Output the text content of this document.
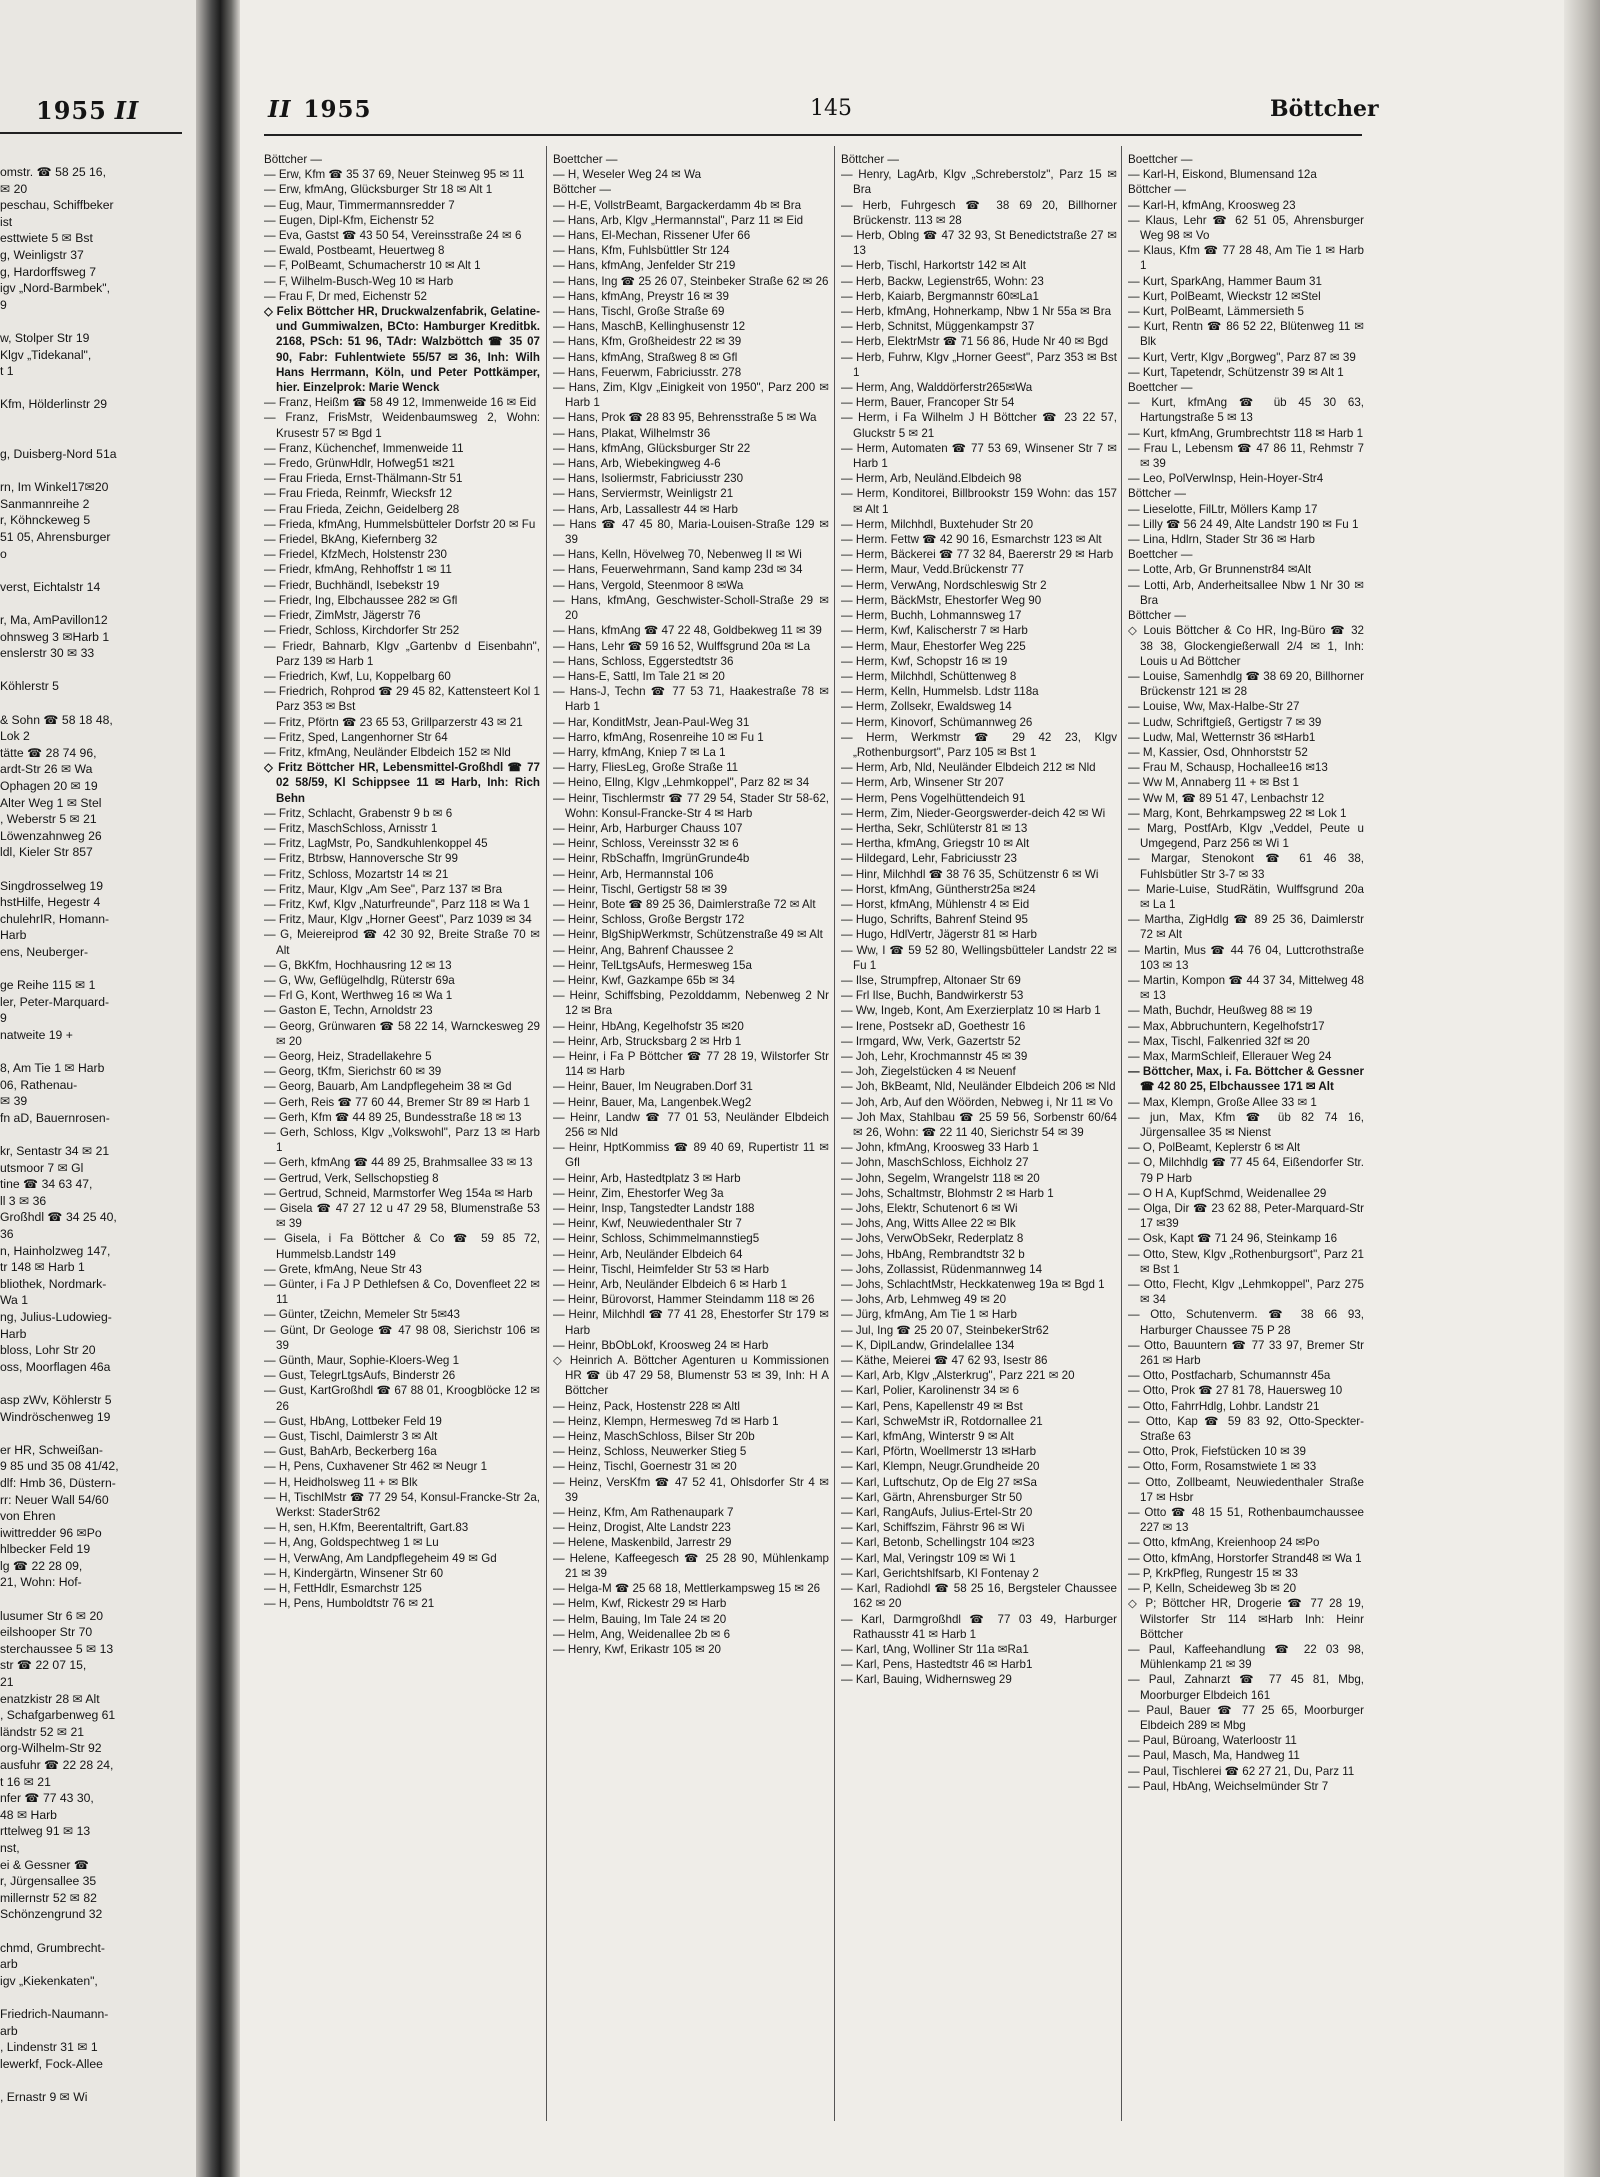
1955 II
omstr. ☎ 58 25 16,
✉ 20
peschau, Schiffbeker
ist
esttwiete 5 ✉ Bst
g, Weinligstr 37
g, Hardorffsweg 7
igv „Nord-Barmbek",
9
w, Stolper Str 19
Klgv „Tidekanal",
t 1
Kfm, Hölderlinstr 29
g, Duisberg-Nord 51a
rn, Im Winkel17✉20
Sanmannreihe 2
r, Köhnckeweg 5
51 05, Ahrensburger
o
verst, Eichtalstr 14
r, Ma, AmPavillon12
ohnsweg 3 ✉Harb 1
enslerstr 30 ✉ 33
Köhlerstr 5
& Sohn ☎ 58 18 48,
Lok 2
tätte ☎ 28 74 96,
ardt-Str 26 ✉ Wa
Ophagen 20 ✉ 19
Alter Weg 1 ✉ Stel
, Weberstr 5 ✉ 21
Löwenzahnweg 26
ldl, Kieler Str 857
Singdrosselweg 19
hstHilfe, Hegestr 4
chulehrIR, Homann-
Harb
ens, Neuberger-
ge Reihe 115 ✉ 1
ler, Peter-Marquard-
9
natweite 19 +
8, Am Tie 1 ✉ Harb
06, Rathenau-
✉ 39
fn aD, Bauernrosen-
kr, Sentastr 34 ✉ 21
utsmoor 7 ✉ Gl
tine ☎ 34 63 47,
ll 3 ✉ 36
Großhdl ☎ 34 25 40,
36
n, Hainholzweg 147,
tr 148 ✉ Harb 1
bliothek, Nordmark-
Wa 1
ng, Julius-Ludowieg-
Harb
bloss, Lohr Str 20
oss, Moorflagen 46a
asp zWv, Köhlerstr 5
Windröschenweg 19
er HR, Schweißan-
9 85 und 35 08 41/42,
dlf: Hmb 36, Düstern-
rr: Neuer Wall 54/60
von Ehren
iwittredder 96 ✉Po
hlbecker Feld 19
lg ☎ 22 28 09,
21, Wohn: Hof-
lusumer Str 6 ✉ 20
eilshooper Str 70
sterchaussee 5 ✉ 13
str ☎ 22 07 15,
21
enatzkistr 28 ✉ Alt
, Schafgarbenweg 61
ländstr 52 ✉ 21
org-Wilhelm-Str 92
ausfuhr ☎ 22 28 24,
t 16 ✉ 21
nfer ☎ 77 43 30,
48 ✉ Harb
rttelweg 91 ✉ 13
nst,
ei & Gessner ☎
r, Jürgensallee 35
millernstr 52 ✉ 82
Schönzengrund 32
chmd, Grumbrecht-
arb
igv „Kiekenkaten",
Friedrich-Naumann-
arb
, Lindenstr 31 ✉ 1
lewerkf, Fock-Allee
, Ernastr 9 ✉ Wi
II 1955	145	Böttcher

Böttcher —

— Erw, Kfm ☎ 35 37 69, Neuer Steinweg 95 ✉ 11

— Erw, kfmAng, Glücksburger Str 18 ✉ Alt 1

— Eug, Maur, Timmermannsredder 7

— Eugen, Dipl-Kfm, Eichenstr 52

— Eva, Gastst ☎ 43 50 54, Vereinsstraße 24 ✉ 6

— Ewald, Postbeamt, Heuertweg 8

— F, PolBeamt, Schumacherstr 10 ✉ Alt 1

— F, Wilhelm-Busch-Weg 10 ✉ Harb

— Frau F, Dr med, Eichenstr 52

◇ Felix Böttcher HR, Druckwalzenfabrik, Gelatine- und Gummiwalzen, BCto: Hamburger Kreditbk. 2168, PSch: 51 96, TAdr: Walzböttch ☎ 35 07 90, Fabr: Fuhlentwiete 55/57 ✉ 36, Inh: Wilh Hans Herrmann, Köln, und Peter Pottkämper, hier. Einzelprok: Marie Wenck

— Franz, Heißm ☎ 58 49 12, Immenweide 16 ✉ Eid

— Franz, FrisMstr, Weidenbaumsweg 2, Wohn: Krusestr 57 ✉ Bgd 1

— Franz, Küchenchef, Immenweide 11

— Fredo, GrünwHdlr, Hofweg51 ✉21

— Frau Frieda, Ernst-Thälmann-Str 51

— Frau Frieda, Reinmfr, Wiecksfr 12

— Frau Frieda, Zeichn, Geidelberg 28

— Frieda, kfmAng, Hummelsbütteler Dorfstr 20 ✉ Fu

— Friedel, BkAng, Kiefernberg 32

— Friedel, KfzMech, Holstenstr 230

— Friedr, kfmAng, Rehhoffstr 1 ✉ 11

— Friedr, Buchhändl, Isebekstr 19

— Friedr, Ing, Elbchaussee 282 ✉ Gfl

— Friedr, ZimMstr, Jägerstr 76

— Friedr, Schloss, Kirchdorfer Str 252

— Friedr, Bahnarb, Klgv „Gartenbv d Eisenbahn", Parz 139 ✉ Harb 1

— Friedrich, Kwf, Lu, Koppelbarg 60

— Friedrich, Rohprod ☎ 29 45 82, Kattensteert Kol 1 Parz 353 ✉ Bst

— Fritz, Pförtn ☎ 23 65 53, Grillparzerstr 43 ✉ 21

— Fritz, Sped, Langenhorner Str 64

— Fritz, kfmAng, Neuländer Elbdeich 152 ✉ Nld

◇ Fritz Böttcher HR, Lebensmittel-Großhdl ☎ 77 02 58/59, Kl Schippsee 11 ✉ Harb, Inh: Rich Behn

— Fritz, Schlacht, Grabenstr 9 b ✉ 6

— Fritz, MaschSchloss, Arnisstr 1

— Fritz, LagMstr, Po, Sandkuhlenkoppel 45

— Fritz, Btrbsw, Hannoversche Str 99

— Fritz, Schloss, Mozartstr 14 ✉ 21

— Fritz, Maur, Klgv „Am See", Parz 137 ✉ Bra

— Fritz, Kwf, Klgv „Naturfreunde", Parz 118 ✉ Wa 1

— Fritz, Maur, Klgv „Horner Geest", Parz 1039 ✉ 34

— G, Meiereiprod ☎ 42 30 92, Breite Straße 70 ✉ Alt

— G, BkKfm, Hochhausring 12 ✉ 13

— G, Ww, Geflügelhdlg, Rüterstr 69a

— Frl G, Kont, Werthweg 16 ✉ Wa 1

— Gaston E, Techn, Arnoldstr 23

— Georg, Grünwaren ☎ 58 22 14, Warnckesweg 29 ✉ 20

— Georg, Heiz, Stradellakehre 5

— Georg, tKfm, Sierichstr 60 ✉ 39

— Georg, Bauarb, Am Landpflegeheim 38 ✉ Gd

— Gerh, Reis ☎ 77 60 44, Bremer Str 89 ✉ Harb 1

— Gerh, Kfm ☎ 44 89 25, Bundesstraße 18 ✉ 13

— Gerh, Schloss, Klgv „Volkswohl", Parz 13 ✉ Harb 1

— Gerh, kfmAng ☎ 44 89 25, Brahmsallee 33 ✉ 13

— Gertrud, Verk, Sellschopstieg 8

— Gertrud, Schneid, Marmstorfer Weg 154a ✉ Harb

— Gisela ☎ 47 27 12 u 47 29 58, Blumenstraße 53 ✉ 39

— Gisela, i Fa Böttcher & Co ☎ 59 85 72, Hummelsb.Landstr 149

— Grete, kfmAng, Neue Str 43

— Günter, i Fa J P Dethlefsen & Co, Dovenfleet 22 ✉ 11

— Günter, tZeichn, Memeler Str 5✉43

— Günt, Dr Geologe ☎ 47 98 08, Sierichstr 106 ✉ 39

— Günth, Maur, Sophie-Kloers-Weg 1

— Gust, TelegrLtgsAufs, Binderstr 26

— Gust, KartGroßhdl ☎ 67 88 01, Kroogblöcke 12 ✉ 26

— Gust, HbAng, Lottbeker Feld 19

— Gust, Tischl, Daimlerstr 3 ✉ Alt

— Gust, BahArb, Beckerberg 16a

— H, Pens, Cuxhavener Str 462 ✉ Neugr 1

— H, Heidholsweg 11 + ✉ Blk

— H, TischlMstr ☎ 77 29 54, Konsul-Francke-Str 2a, Werkst: StaderStr62

— H, sen, H.Kfm, Beerentaltrift, Gart.83

— H, Ang, Goldspechtweg 1 ✉ Lu

— H, VerwAng, Am Landpflegeheim 49 ✉ Gd

— H, Kindergärtn, Winsener Str 60

— H, FettHdlr, Esmarchstr 125

— H, Pens, Humboldtstr 76 ✉ 21

Boettcher —

— H, Weseler Weg 24 ✉ Wa

Böttcher —

— H-E, VollstrBeamt, Bargackerdamm 4b ✉ Bra

— Hans, Arb, Klgv „Hermannstal", Parz 11 ✉ Eid

— Hans, El-Mechan, Rissener Ufer 66

— Hans, Kfm, Fuhlsbüttler Str 124

— Hans, kfmAng, Jenfelder Str 219

— Hans, Ing ☎ 25 26 07, Steinbeker Straße 62 ✉ 26

— Hans, kfmAng, Preystr 16 ✉ 39

— Hans, Tischl, Große Straße 69

— Hans, MaschB, Kellinghusenstr 12

— Hans, Kfm, Großheidestr 22 ✉ 39

— Hans, kfmAng, Straßweg 8 ✉ Gfl

— Hans, Feuerwm, Fabriciusstr. 278

— Hans, Zim, Klgv „Einigkeit von 1950", Parz 200 ✉ Harb 1

— Hans, Prok ☎ 28 83 95, Behrensstraße 5 ✉ Wa

— Hans, Plakat, Wilhelmstr 36

— Hans, kfmAng, Glücksburger Str 22

— Hans, Arb, Wiebekingweg 4-6

— Hans, Isoliermstr, Fabriciusstr 230

— Hans, Serviermstr, Weinligstr 21

— Hans, Arb, Lassallestr 44 ✉ Harb

— Hans ☎ 47 45 80, Maria-Louisen-Straße 129 ✉ 39

— Hans, Kelln, Hövelweg 70, Nebenweg II ✉ Wi

— Hans, Feuerwehrmann, Sand kamp 23d ✉ 34

— Hans, Vergold, Steenmoor 8 ✉Wa

— Hans, kfmAng, Geschwister-Scholl-Straße 29 ✉ 20

— Hans, kfmAng ☎ 47 22 48, Goldbekweg 11 ✉ 39

— Hans, Lehr ☎ 59 16 52, Wulffsgrund 20a ✉ La

— Hans, Schloss, Eggerstedtstr 36

— Hans-E, Sattl, Im Tale 21 ✉ 20

— Hans-J, Techn ☎ 77 53 71, Haakestraße 78 ✉ Harb 1

— Har, KonditMstr, Jean-Paul-Weg 31

— Harro, kfmAng, Rosenreihe 10 ✉ Fu 1

— Harry, kfmAng, Kniep 7 ✉ La 1

— Harry, FliesLeg, Große Straße 11

— Heino, Ellng, Klgv „Lehmkoppel", Parz 82 ✉ 34

— Heinr, Tischlermstr ☎ 77 29 54, Stader Str 58-62, Wohn: Konsul-Francke-Str 4 ✉ Harb

— Heinr, Arb, Harburger Chauss 107

— Heinr, Schloss, Vereinsstr 32 ✉ 6

— Heinr, RbSchaffn, ImgrünGrunde4b

— Heinr, Arb, Hermannstal 106

— Heinr, Tischl, Gertigstr 58 ✉ 39

— Heinr, Bote ☎ 89 25 36, Daimlerstraße 72 ✉ Alt

— Heinr, Schloss, Große Bergstr 172

— Heinr, BlgShipWerkmstr, Schützenstraße 49 ✉ Alt

— Heinr, Ang, Bahrenf Chaussee 2

— Heinr, TelLtgsAufs, Hermesweg 15a

— Heinr, Kwf, Gazkampe 65b ✉ 34

— Heinr, Schiffsbing, Pezolddamm, Nebenweg 2 Nr 12 ✉ Bra

— Heinr, HbAng, Kegelhofstr 35 ✉20

— Heinr, Arb, Strucksbarg 2 ✉ Hrb 1

— Heinr, i Fa P Böttcher ☎ 77 28 19, Wilstorfer Str 114 ✉ Harb

— Heinr, Bauer, Im Neugraben.Dorf 31

— Heinr, Bauer, Ma, Langenbek.Weg2

— Heinr, Landw ☎ 77 01 53, Neuländer Elbdeich 256 ✉ Nld

— Heinr, HptKommiss ☎ 89 40 69, Rupertistr 11 ✉ Gfl

— Heinr, Arb, Hastedtplatz 3 ✉ Harb

— Heinr, Zim, Ehestorfer Weg 3a

— Heinr, Insp, Tangstedter Landstr 188

— Heinr, Kwf, Neuwiedenthaler Str 7

— Heinr, Schloss, Schimmelmannstieg5

— Heinr, Arb, Neuländer Elbdeich 64

— Heinr, Tischl, Heimfelder Str 53 ✉ Harb

— Heinr, Arb, Neuländer Elbdeich 6 ✉ Harb 1

— Heinr, Bürovorst, Hammer Steindamm 118 ✉ 26

— Heinr, Milchhdl ☎ 77 41 28, Ehestorfer Str 179 ✉ Harb

— Heinr, BbObLokf, Kroosweg 24 ✉ Harb

◇ Heinrich A. Böttcher Agenturen u Kommissionen HR ☎ üb 47 29 58, Blumenstr 53 ✉ 39, Inh: H A Böttcher

— Heinz, Pack, Hostenstr 228 ✉ Altl

— Heinz, Klempn, Hermesweg 7d ✉ Harb 1

— Heinz, MaschSchloss, Bilser Str 20b

— Heinz, Schloss, Neuwerker Stieg 5

— Heinz, Tischl, Goernestr 31 ✉ 20

— Heinz, VersKfm ☎ 47 52 41, Ohlsdorfer Str 4 ✉ 39

— Heinz, Kfm, Am Rathenaupark 7

— Heinz, Drogist, Alte Landstr 223

— Helene, Maskenbild, Jarrestr 29

— Helene, Kaffeegesch ☎ 25 28 90, Mühlenkamp 21 ✉ 39

— Helga-M ☎ 25 68 18, Mettlerkampsweg 15 ✉ 26

— Helm, Kwf, Rickestr 29 ✉ Harb

— Helm, Bauing, Im Tale 24 ✉ 20

— Helm, Ang, Weidenallee 2b ✉ 6

— Henry, Kwf, Erikastr 105 ✉ 20

Böttcher —

— Henry, LagArb, Klgv „Schreberstolz", Parz 15 ✉ Bra

— Herb, Fuhrgesch ☎ 38 69 20, Billhorner Brückenstr. 113 ✉ 28

— Herb, Oblng ☎ 47 32 93, St Benedictstraße 27 ✉ 13

— Herb, Tischl, Harkortstr 142 ✉ Alt

— Herb, Backw, Legienstr65, Wohn: 23

— Herb, Kaiarb, Bergmannstr 60✉La1

— Herb, kfmAng, Hohnerkamp, Nbw 1 Nr 55a ✉ Bra

— Herb, Schnitst, Müggenkampstr 37

— Herb, ElektrMstr ☎ 71 56 86, Hude Nr 40 ✉ Bgd

— Herb, Fuhrw, Klgv „Horner Geest", Parz 353 ✉ Bst 1

— Herm, Ang, Walddörferstr265✉Wa

— Herm, Bauer, Francoper Str 54

— Herm, i Fa Wilhelm J H Böttcher ☎ 23 22 57, Gluckstr 5 ✉ 21

— Herm, Automaten ☎ 77 53 69, Winsener Str 7 ✉ Harb 1

— Herm, Arb, Neuländ.Elbdeich 98

— Herm, Konditorei, Billbrookstr 159 Wohn: das 157 ✉ Alt 1

— Herm, Milchhdl, Buxtehuder Str 20

— Herm. Fettw ☎ 42 90 16, Esmarchstr 123 ✉ Alt

— Herm, Bäckerei ☎ 77 32 84, Baererstr 29 ✉ Harb

— Herm, Maur, Vedd.Brückenstr 77

— Herm, VerwAng, Nordschleswig Str 2

— Herm, BäckMstr, Ehestorfer Weg 90

— Herm, Buchh, Lohmannsweg 17

— Herm, Kwf, Kalischerstr 7 ✉ Harb

— Herm, Maur, Ehestorfer Weg 225

— Herm, Kwf, Schopstr 16 ✉ 19

— Herm, Milchhdl, Schüttenweg 8

— Herm, Kelln, Hummelsb. Ldstr 118a

— Herm, Zollsekr, Ewaldsweg 14

— Herm, Kinovorf, Schümannweg 26

— Herm, Werkmstr ☎ 29 42 23, Klgv „Rothenburgsort", Parz 105 ✉ Bst 1

— Herm, Arb, Nld, Neuländer Elbdeich 212 ✉ Nld

— Herm, Arb, Winsener Str 207

— Herm, Pens Vogelhüttendeich 91

— Herm, Zim, Nieder-Georgswerder-deich 42 ✉ Wi

— Hertha, Sekr, Schlüterstr 81 ✉ 13

— Hertha, kfmAng, Griegstr 10 ✉ Alt

— Hildegard, Lehr, Fabriciusstr 23

— Hinr, Milchhdl ☎ 38 76 35, Schützenstr 6 ✉ Wi

— Horst, kfmAng, Güntherstr25a ✉24

— Horst, kfmAng, Mühlenstr 4 ✉ Eid

— Hugo, Schrifts, Bahrenf Steind 95

— Hugo, HdlVertr, Jägerstr 81 ✉ Harb

— Ww, I ☎ 59 52 80, Wellingsbütteler Landstr 22 ✉ Fu 1

— Ilse, Strumpfrep, Altonaer Str 69

— Frl Ilse, Buchh, Bandwirkerstr 53

— Ww, Ingeb, Kont, Am Exerzierplatz 10 ✉ Harb 1

— Irene, Postsekr aD, Goethestr 16

— Irmgard, Ww, Verk, Gazertstr 52

— Joh, Lehr, Krochmannstr 45 ✉ 39

— Joh, Ziegelstücken 4 ✉ Neuenf

— Joh, BkBeamt, Nld, Neuländer Elbdeich 206 ✉ Nld

— Joh, Arb, Auf den Wöörden, Nebweg i, Nr 11 ✉ Vo

— Joh Max, Stahlbau ☎ 25 59 56, Sorbenstr 60/64 ✉ 26, Wohn: ☎ 22 11 40, Sierichstr 54 ✉ 39

— John, kfmAng, Kroosweg 33 Harb 1

— John, MaschSchloss, Eichholz 27

— John, Segelm, Wrangelstr 118 ✉ 20

— Johs, Schaltmstr, Blohmstr 2 ✉ Harb 1

— Johs, Elektr, Schutenort 6 ✉ Wi

— Johs, Ang, Witts Allee 22 ✉ Blk

— Johs, VerwObSekr, Rederplatz 8

— Johs, HbAng, Rembrandtstr 32 b

— Johs, Zollassist, Rüdenmannweg 14

— Johs, SchlachtMstr, Heckkatenweg 19a ✉ Bgd 1

— Johs, Arb, Lehmweg 49 ✉ 20

— Jürg, kfmAng, Am Tie 1 ✉ Harb

— Jul, Ing ☎ 25 20 07, SteinbekerStr62

— K, DiplLandw, Grindelallee 134

— Käthe, Meierei ☎ 47 62 93, Isestr 86

— Karl, Arb, Klgv „Alsterkrug", Parz 221 ✉ 20

— Karl, Polier, Karolinenstr 34 ✉ 6

— Karl, Pens, Kapellenstr 49 ✉ Bst

— Karl, SchweMstr iR, Rotdornallee 21

— Karl, kfmAng, Winterstr 9 ✉ Alt

— Karl, Pförtn, Woellmerstr 13 ✉Harb

— Karl, Klempn, Neugr.Grundheide 20

— Karl, Luftschutz, Op de Elg 27 ✉Sa

— Karl, Gärtn, Ahrensburger Str 50

— Karl, RangAufs, Julius-Ertel-Str 20

— Karl, Schiffszim, Fährstr 96 ✉ Wi

— Karl, Betonb, Schellingstr 104 ✉23

— Karl, Mal, Veringstr 109 ✉ Wi 1

— Karl, Gerichtshlfsarb, Kl Fontenay 2

— Karl, Radiohdl ☎ 58 25 16, Bergsteler Chaussee 162 ✉ 20

— Karl, Darmgroßhdl ☎ 77 03 49, Harburger Rathausstr 41 ✉ Harb 1

— Karl, tAng, Wolliner Str 11a ✉Ra1

— Karl, Pens, Hastedtstr 46 ✉ Harb1

— Karl, Bauing, Widhernsweg 29

Boettcher —

— Karl-H, Eiskond, Blumensand 12a

Böttcher —

— Karl-H, kfmAng, Kroosweg 23

— Klaus, Lehr ☎ 62 51 05, Ahrensburger Weg 98 ✉ Vo

— Klaus, Kfm ☎ 77 28 48, Am Tie 1 ✉ Harb 1

— Kurt, SparkAng, Hammer Baum 31

— Kurt, PolBeamt, Wieckstr 12 ✉Stel

— Kurt, PolBeamt, Lämmersieth 5

— Kurt, Rentn ☎ 86 52 22, Blütenweg 11 ✉ Blk

— Kurt, Vertr, Klgv „Borgweg", Parz 87 ✉ 39

— Kurt, Tapetendr, Schützenstr 39 ✉ Alt 1

Boettcher —

— Kurt, kfmAng ☎ üb 45 30 63, Hartungstraße 5 ✉ 13

— Kurt, kfmAng, Grumbrechtstr 118 ✉ Harb 1

— Frau L, Lebensm ☎ 47 86 11, Rehmstr 7 ✉ 39

— Leo, PolVerwInsp, Hein-Hoyer-Str4

Böttcher —

— Lieselotte, FilLtr, Möllers Kamp 17

— Lilly ☎ 56 24 49, Alte Landstr 190 ✉ Fu 1

— Lina, Hdlrn, Stader Str 36 ✉ Harb

Boettcher —

— Lotte, Arb, Gr Brunnenstr84 ✉Alt

— Lotti, Arb, Anderheitsallee Nbw 1 Nr 30 ✉ Bra

Böttcher —

◇ Louis Böttcher & Co HR, Ing-Büro ☎ 32 38 38, Glockengießerwall 2/4 ✉ 1, Inh: Louis u Ad Böttcher

— Louise, Samenhdlg ☎ 38 69 20, Billhorner Brückenstr 121 ✉ 28

— Louise, Ww, Max-Halbe-Str 27

— Ludw, Schriftgieß, Gertigstr 7 ✉ 39

— Ludw, Mal, Wetternstr 36 ✉Harb1

— M, Kassier, Osd, Ohnhorststr 52

— Frau M, Schausp, Hochallee16 ✉13

— Ww M, Annaberg 11 + ✉ Bst 1

— Ww M, ☎ 89 51 47, Lenbachstr 12

— Marg, Kont, Behrkampsweg 22 ✉ Lok 1

— Marg, PostfArb, Klgv „Veddel, Peute u Umgegend, Parz 256 ✉ Wi 1

— Margar, Stenokont ☎ 61 46 38, Fuhlsbütler Str 3-7 ✉ 33

— Marie-Luise, StudRätin, Wulffsgrund 20a ✉ La 1

— Martha, ZigHdlg ☎ 89 25 36, Daimlerstr 72 ✉ Alt

— Martin, Mus ☎ 44 76 04, Luttcrothstraße 103 ✉ 13

— Martin, Kompon ☎ 44 37 34, Mittelweg 48 ✉ 13

— Math, Buchdr, Heußweg 88 ✉ 19

— Max, Abbruchuntern, Kegelhofstr17

— Max, Tischl, Falkenried 32f ✉ 20

— Max, MarmSchleif, Ellerauer Weg 24

— Böttcher, Max, i. Fa. Böttcher & Gessner ☎ 42 80 25, Elbchaussee 171 ✉ Alt

— Max, Klempn, Große Allee 33 ✉ 1

— jun, Max, Kfm ☎ üb 82 74 16, Jürgensallee 35 ✉ Nienst

— O, PolBeamt, Keplerstr 6 ✉ Alt

— O, Milchhdlg ☎ 77 45 64, Eißendorfer Str. 79 P Harb

— O H A, KupfSchmd, Weidenallee 29

— Olga, Dir ☎ 23 62 88, Peter-Marquard-Str 17 ✉39

— Osk, Kapt ☎ 71 24 96, Steinkamp 16

— Otto, Stew, Klgv „Rothenburgsort", Parz 21 ✉ Bst 1

— Otto, Flecht, Klgv „Lehmkoppel", Parz 275 ✉ 34

— Otto, Schutenverm. ☎ 38 66 93, Harburger Chaussee 75 P 28

— Otto, Bauuntern ☎ 77 33 97, Bremer Str 261 ✉ Harb

— Otto, Postfacharb, Schumannstr 45a

— Otto, Prok ☎ 27 81 78, Hauersweg 10

— Otto, FahrrHdlg, Lohbr. Landstr 21

— Otto, Kap ☎ 59 83 92, Otto-Speckter-Straße 63

— Otto, Prok, Fiefstücken 10 ✉ 39

— Otto, Form, Rosamstwiete 1 ✉ 33

— Otto, Zollbeamt, Neuwiedenthaler Straße 17 ✉ Hsbr

— Otto ☎ 48 15 51, Rothenbaumchaussee 227 ✉ 13

— Otto, kfmAng, Kreienhoop 24 ✉Po

— Otto, kfmAng, Horstorfer Strand48 ✉ Wa 1

— P, KrkPfleg, Rungestr 15 ✉ 33

— P, Kelln, Scheideweg 3b ✉ 20

◇ P; Böttcher HR, Drogerie ☎ 77 28 19, Wilstorfer Str 114 ✉Harb Inh: Heinr Böttcher

— Paul, Kaffeehandlung ☎ 22 03 98, Mühlenkamp 21 ✉ 39

— Paul, Zahnarzt ☎ 77 45 81, Mbg, Moorburger Elbdeich 161

— Paul, Bauer ☎ 77 25 65, Moorburger Elbdeich 289 ✉ Mbg

— Paul, Büroang, Waterloostr 11

— Paul, Masch, Ma, Handweg 11

— Paul, Tischlerei ☎ 62 27 21, Du, Parz 11

— Paul, HbAng, Weichselmünder Str 7
